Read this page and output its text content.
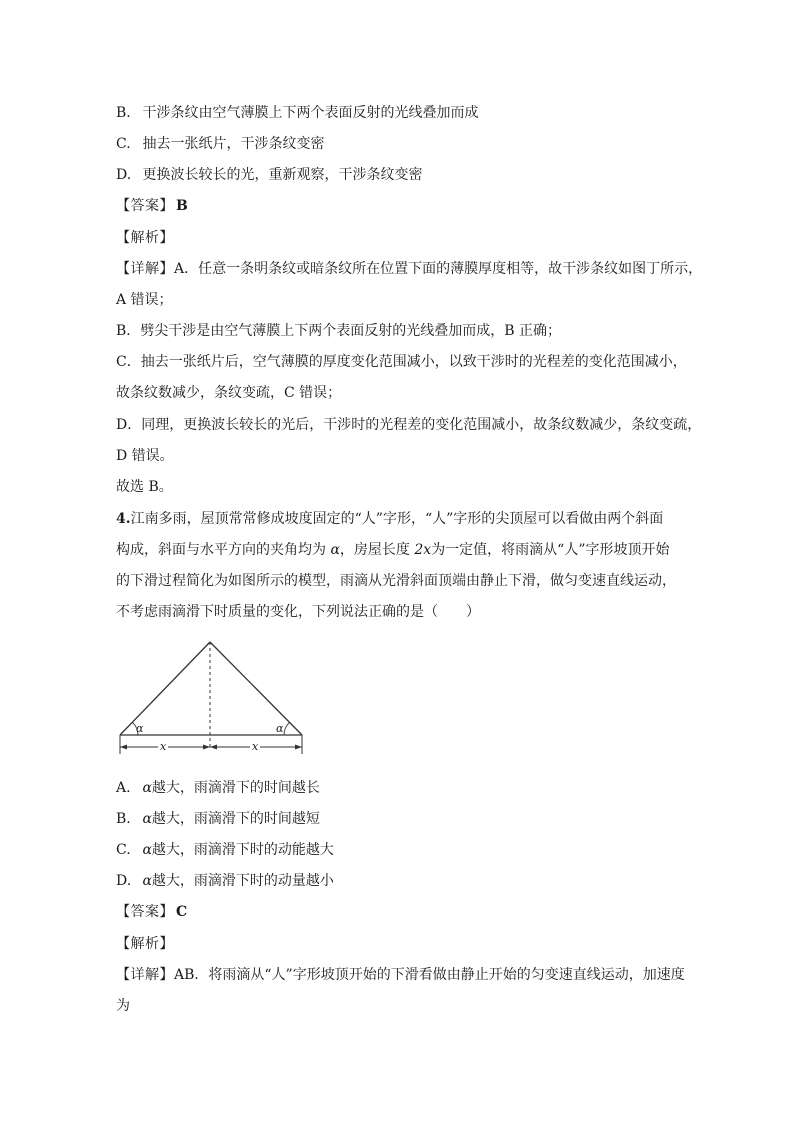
B. 干涉条纹由空气薄膜上下两个表面反射的光线叠加而成
C. 抽去一张纸片，干涉条纹变密
D. 更换波长较长的光，重新观察，干涉条纹变密
【答案】 B
【解析】
【详解】A．任意一条明条纹或暗条纹所在位置下面的薄膜厚度相等，故干涉条纹如图丁所示，
A 错误；
B．劈尖干涉是由空气薄膜上下两个表面反射的光线叠加而成，B 正确；
C．抽去一张纸片后，空气薄膜的厚度变化范围减小，以致干涉时的光程差的变化范围减小，
故条纹数减少，条纹变疏，C 错误；
D．同理，更换波长较长的光后，干涉时的光程差的变化范围减小，故条纹数减少，条纹变疏，
D 错误。
故选 B。
4.江南多雨，屋顶常常修成坡度固定的“人”字形，“人”字形的尖顶屋可以看做由两个斜面
构成，斜面与水平方向的夹角均为 α，房屋长度 2x为一定值，将雨滴从“人”字形坡顶开始
的下滑过程简化为如图所示的模型，雨滴从光滑斜面顶端由静止下滑，做匀变速直线运动，
不考虑雨滴滑下时质量的变化，下列说法正确的是（　　）
α	α
x	x
A. α越大，雨滴滑下的时间越长
B. α越大，雨滴滑下的时间越短
C. α越大，雨滴滑下时的动能越大
D. α越大，雨滴滑下时的动量越小
【答案】 C
【解析】
【详解】AB．将雨滴从“人”字形坡顶开始的下滑看做由静止开始的匀变速直线运动，加速度
为
